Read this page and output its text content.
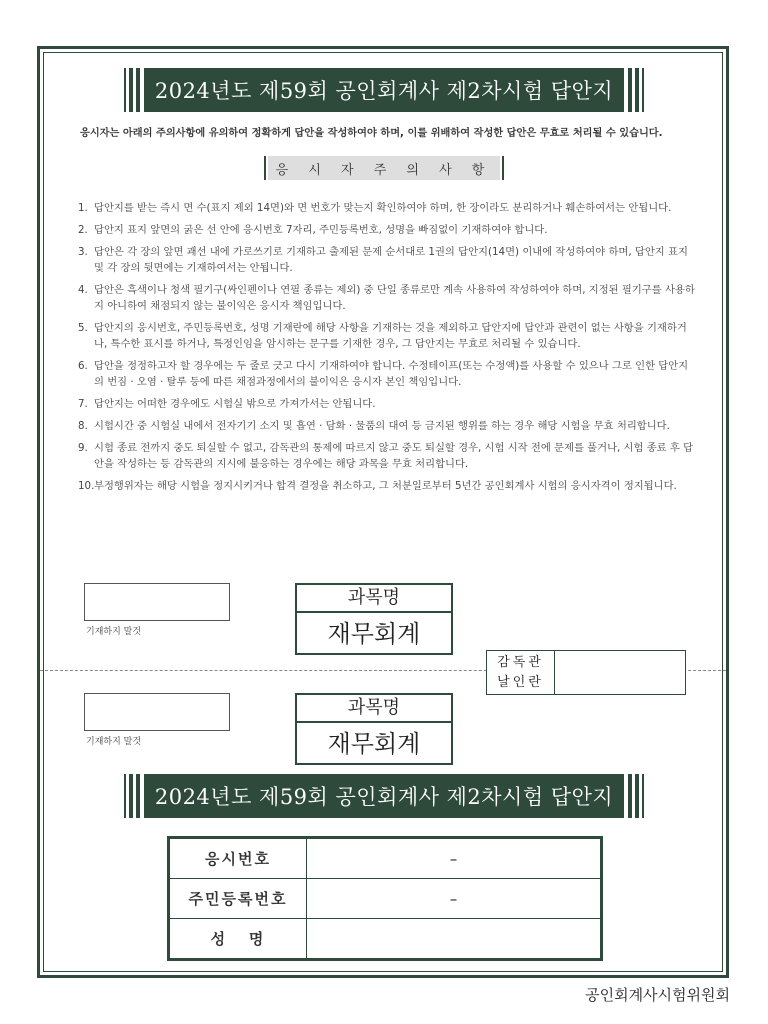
2024년도 제59회 공인회계사 제2차시험 답안지
응시자는 아래의 주의사항에 유의하여 정확하게 답안을 작성하여야 하며, 이를 위배하여 작성한 답안은 무효로 처리될 수 있습니다.
응 시 자 주 의 사 항
1. 답안지를 받는 즉시 면 수(표지 제외 14면)와 면 번호가 맞는지 확인하여야 하며, 한 장이라도 분리하거나 훼손하여서는 안됩니다.
2. 답안지 표지 앞면의 굵은 선 안에 응시번호 7자리, 주민등록번호, 성명을 빠짐없이 기재하여야 합니다.
3. 답안은 각 장의 앞면 괘선 내에 가로쓰기로 기재하고 출제된 문제 순서대로 1권의 답안지(14면) 이내에 작성하여야 하며, 답안지 표지 및 각 장의 뒷면에는 기재하여서는 안됩니다.
4. 답안은 흑색이나 청색 필기구(싸인펜이나 연필 종류는 제외) 중 단일 종류로만 계속 사용하여 작성하여야 하며, 지정된 필기구를 사용하지 아니하여 채점되지 않는 불이익은 응시자 책임입니다.
5. 답안지의 응시번호, 주민등록번호, 성명 기재란에 해당 사항을 기재하는 것을 제외하고 답안지에 답안과 관련이 없는 사항을 기재하거나, 특수한 표시를 하거나, 특정인임을 암시하는 문구를 기재한 경우, 그 답안지는 무효로 처리될 수 있습니다.
6. 답안을 정정하고자 할 경우에는 두 줄로 긋고 다시 기재하여야 합니다. 수정테이프(또는 수정액)를 사용할 수 있으나 그로 인한 답안지의 번짐 · 오염 · 탈루 등에 따른 채점과정에서의 불이익은 응시자 본인 책임입니다.
7. 답안지는 어떠한 경우에도 시험실 밖으로 가져가서는 안됩니다.
8. 시험시간 중 시험실 내에서 전자기기 소지 및 흡연 · 담화 · 물품의 대여 등 금지된 행위를 하는 경우 해당 시험을 무효 처리합니다.
9. 시험 종료 전까지 중도 퇴실할 수 없고, 감독관의 통제에 따르지 않고 중도 퇴실할 경우, 시험 시작 전에 문제를 풀거나, 시험 종료 후 답안을 작성하는 등 감독관의 지시에 불응하는 경우에는 해당 과목을 무효 처리합니다.
10. 부정행위자는 해당 시험을 정지시키거나 합격 결정을 취소하고, 그 처분일로부터 5년간 공인회계사 시험의 응시자격이 정지됩니다.
기재하지 말것
과목명
재무회계
감독관
날인란
기재하지 말것
과목명
재무회계
2024년도 제59회 공인회계사 제2차시험 답안지
응시번호	–
주민등록번호	–
성   명	
공인회계사시험위원회
